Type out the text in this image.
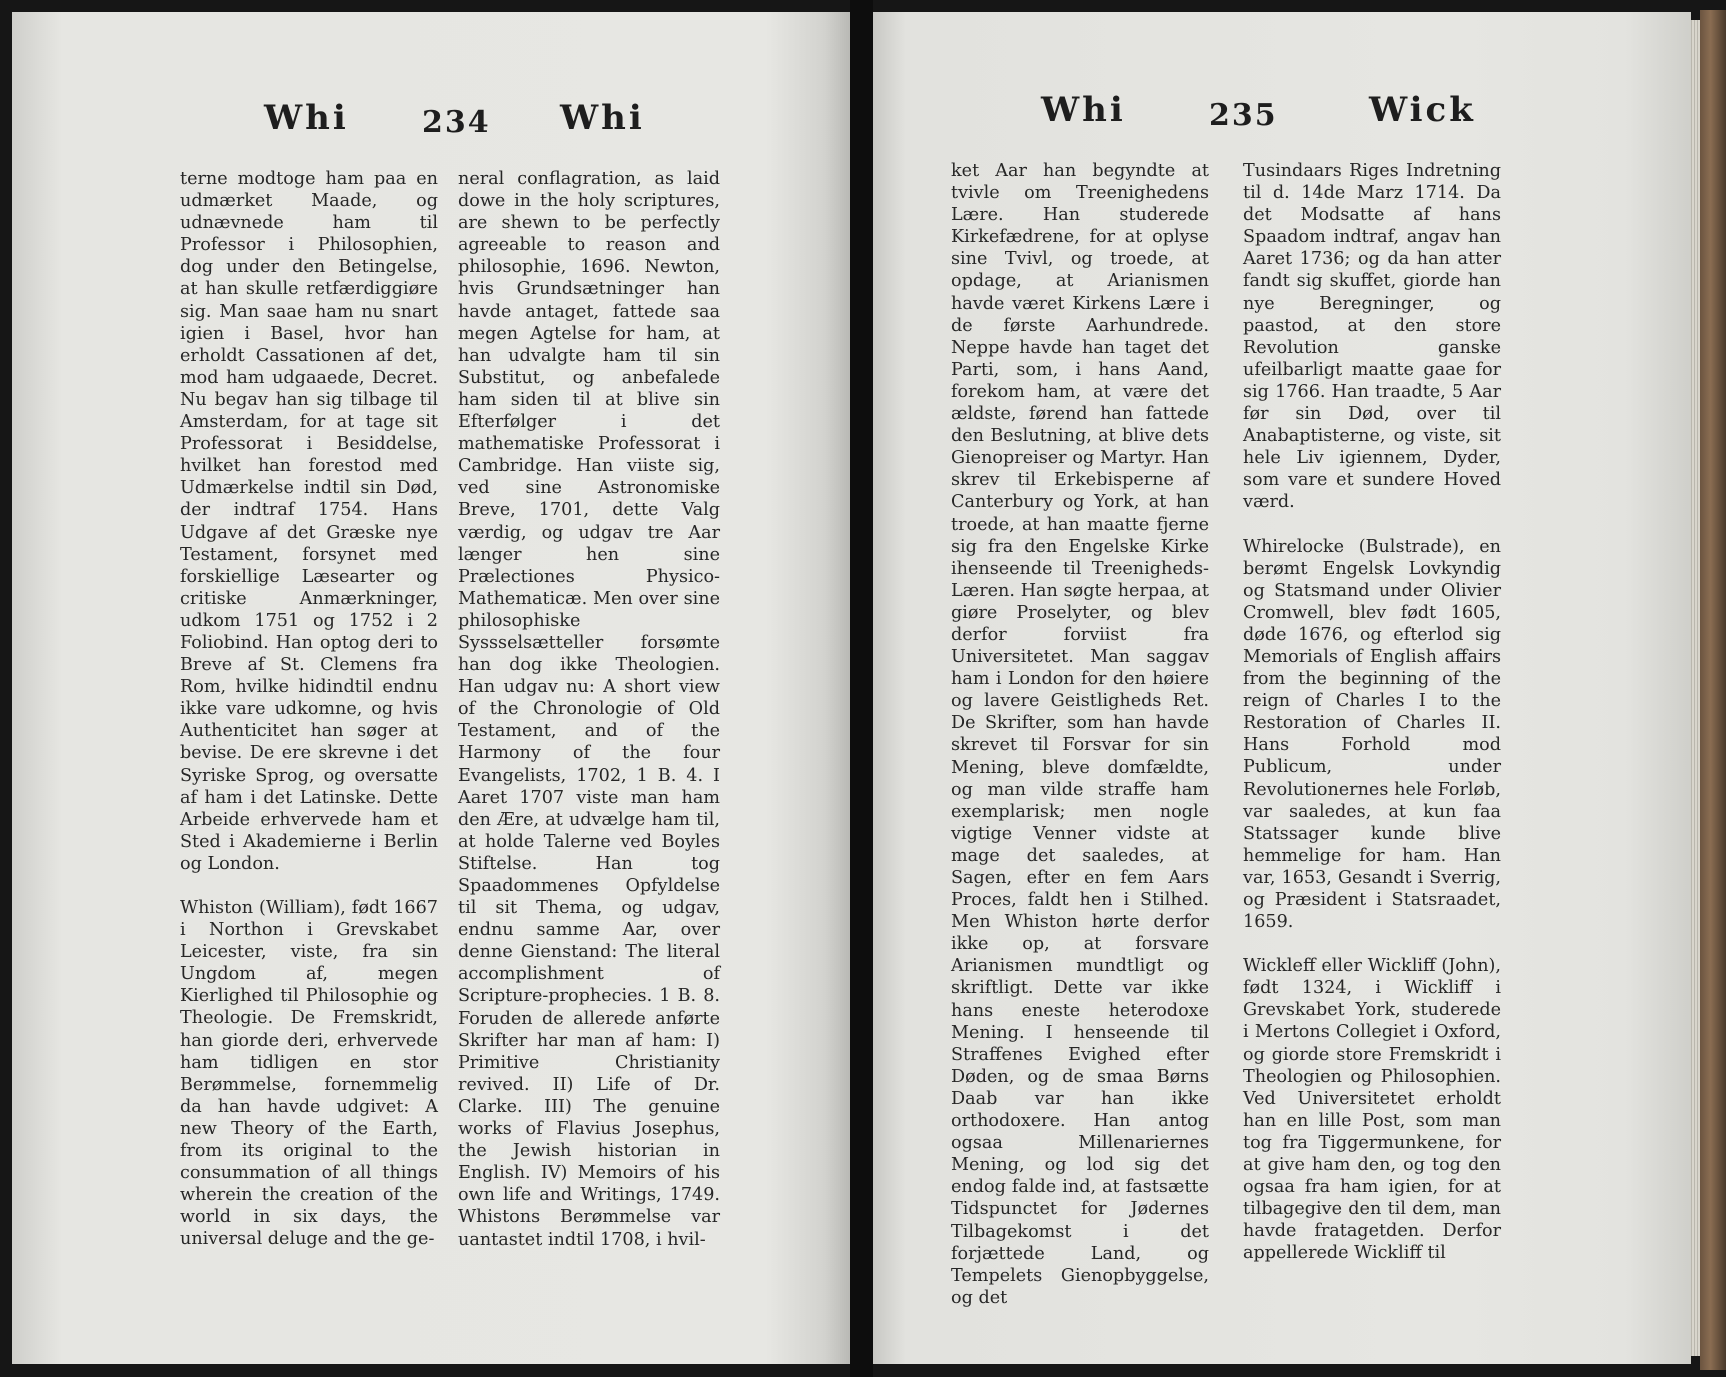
Whi 234 Whi

terne modtoge ham paa en udmærket Maade, og udnævnede ham til Professor i Philosophien, dog under den Betingelse, at han skulle retfærdiggiøre sig. Man saae ham nu snart igien i Basel, hvor han erholdt Cassationen af det, mod ham udgaaede, Decret. Nu begav han sig tilbage til Amsterdam, for at tage sit Professorat i Besiddelse, hvilket han forestod med Udmærkelse indtil sin Død, der indtraf 1754. Hans Udgave af det Græske nye Testament, forsynet med forskiellige Læsearter og critiske Anmærkninger, udkom 1751 og 1752 i 2 Foliobind. Han optog deri to Breve af St. Clemens fra Rom, hvilke hidindtil endnu ikke vare udkomne, og hvis Authenticitet han søger at bevise. De ere skrevne i det Syriske Sprog, og oversatte af ham i det Latinske. Dette Arbeide erhvervede ham et Sted i Akademierne i Berlin og London.

Whiston (William), født 1667 i Northon i Grevskabet Leicester, viste, fra sin Ungdom af, megen Kierlighed til Philosophie og Theologie. De Fremskridt, han giorde deri, erhvervede ham tidligen en stor Berømmelse, fornemmelig da han havde udgivet: A new Theory of the Earth, from its original to the consummation of all things wherein the creation of the world in six days, the universal deluge and the ge-

neral conflagration, as laid dowe in the holy scriptures, are shewn to be perfectly agreeable to reason and philosophie, 1696. Newton, hvis Grundsætninger han havde antaget, fattede saa megen Agtelse for ham, at han udvalgte ham til sin Substitut, og anbefalede ham siden til at blive sin Efterfølger i det mathematiske Professorat i Cambridge. Han viiste sig, ved sine Astronomiske Breve, 1701, dette Valg værdig, og udgav tre Aar længer hen sine Prælectiones Physico-Mathematicæ. Men over sine philosophiske Syssselsætteller forsømte han dog ikke Theologien. Han udgav nu: A short view of the Chronologie of Old Testament, and of the Harmony of the four Evangelists, 1702, 1 B. 4. I Aaret 1707 viste man ham den Ære, at udvælge ham til, at holde Talerne ved Boyles Stiftelse. Han tog Spaadommenes Opfyldelse til sit Thema, og udgav, endnu samme Aar, over denne Gienstand: The literal accomplishment of Scripture-prophecies. 1 B. 8. Foruden de allerede anførte Skrifter har man af ham: I) Primitive Christianity revived. II) Life of Dr. Clarke. III) The genuine works of Flavius Josephus, the Jewish historian in English. IV) Memoirs of his own life and Writings, 1749. Whistons Berømmelse var uantastet indtil 1708, i hvil-

Whi	235	Wick

ket Aar han begyndte at tvivle om Treenighedens Lære. Han studerede Kirkefædrene, for at oplyse sine Tvivl, og troede, at opdage, at Arianismen havde været Kirkens Lære i de første Aarhundrede. Neppe havde han taget det Parti, som, i hans Aand, forekom ham, at være det ældste, førend han fattede den Beslutning, at blive dets Gienopreiser og Martyr. Han skrev til Erkebisperne af Canterbury og York, at han troede, at han maatte fjerne sig fra den Engelske Kirke ihenseende til Treenigheds-Læren. Han søgte herpaa, at giøre Proselyter, og blev derfor forviist fra Universitetet. Man saggav ham i London for den høiere og lavere Geistligheds Ret. De Skrifter, som han havde skrevet til Forsvar for sin Mening, bleve domfældte, og man vilde straffe ham exemplarisk; men nogle vigtige Venner vidste at mage det saaledes, at Sagen, efter en fem Aars Proces, faldt hen i Stilhed. Men Whiston hørte derfor ikke op, at forsvare Arianismen mundtligt og skriftligt. Dette var ikke hans eneste heterodoxe Mening. I henseende til Straffenes Evighed efter Døden, og de smaa Børns Daab var han ikke orthodoxere. Han antog ogsaa Millenariernes Mening, og lod sig det endog falde ind, at fastsætte Tidspunctet for Jødernes Tilbagekomst i det forjættede Land, og Tempelets Gienopbyggelse, og det

Tusindaars Riges Indretning til d. 14de Marz 1714. Da det Modsatte af hans Spaadom indtraf, angav han Aaret 1736; og da han atter fandt sig skuffet, giorde han nye Beregninger, og paastod, at den store Revolution ganske ufeilbarligt maatte gaae for sig 1766. Han traadte, 5 Aar før sin Død, over til Anabaptisterne, og viste, sit hele Liv igiennem, Dyder, som vare et sundere Hoved værd.

Whirelocke (Bulstrade), en berømt Engelsk Lovkyndig og Statsmand under Olivier Cromwell, blev født 1605, døde 1676, og efterlod sig Memorials of English affairs from the beginning of the reign of Charles I to the Restoration of Charles II. Hans Forhold mod Publicum, under Revolutionernes hele Forløb, var saaledes, at kun faa Statssager kunde blive hemmelige for ham. Han var, 1653, Gesandt i Sverrig, og Præsident i Statsraadet, 1659.

Wickleff eller Wickliff (John), født 1324, i Wickliff i Grevskabet York, studerede i Mertons Collegiet i Oxford, og giorde store Fremskridt i Theologien og Philosophien. Ved Universitetet erholdt han en lille Post, som man tog fra Tiggermunkene, for at give ham den, og tog den ogsaa fra ham igien, for at tilbagegive den til dem, man havde fratagetden. Derfor appellerede Wickliff til
